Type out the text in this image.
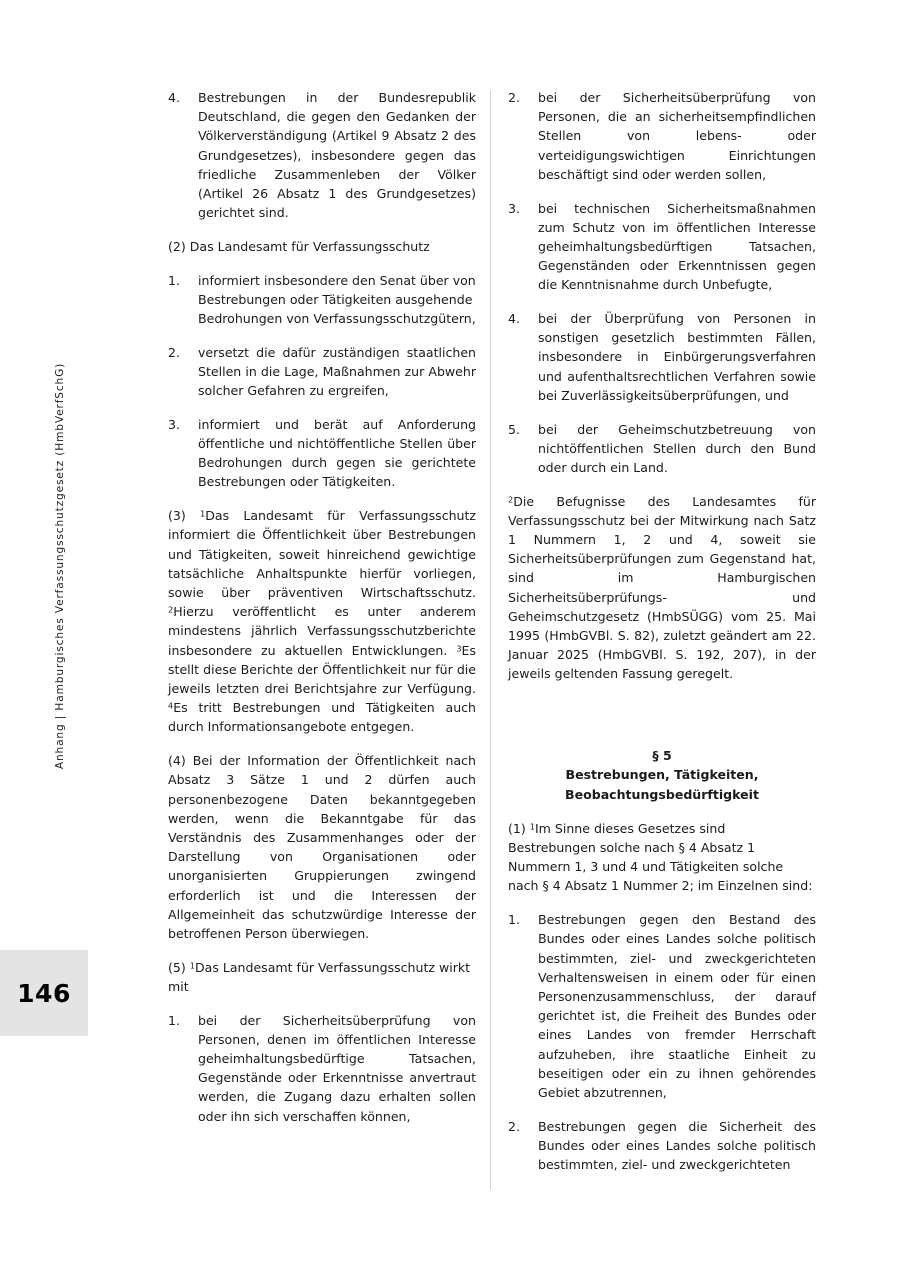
Anhang | Hamburgisches Verfassungsschutzgesetz (HmbVerfSchG)
146
4.	Bestrebungen in der Bundesrepublik Deutschland, die gegen den Gedanken der Völkerverständigung (Artikel 9 Absatz 2 des Grundgesetzes), insbesondere gegen das friedliche Zusammenleben der Völker (Artikel 26 Absatz 1 des Grundgesetzes) gerichtet sind.

(2) Das Landesamt für Verfassungsschutz

1.	informiert insbesondere den Senat über von Bestrebungen oder Tätigkeiten ausgehende Bedrohungen von Verfassungsschutzgütern,
2.	versetzt die dafür zuständigen staatlichen Stellen in die Lage, Maßnahmen zur Abwehr solcher Gefahren zu ergreifen,
3.	informiert und berät auf Anforderung öffentliche und nichtöffentliche Stellen über Bedrohungen durch gegen sie gerichtete Bestrebungen oder Tätigkeiten.

(3) $^1$Das Landesamt für Verfassungsschutz informiert die Öffentlichkeit über Bestrebungen und Tätigkeiten, soweit hinreichend gewichtige tatsächliche Anhaltspunkte hierfür vorliegen, sowie über präventiven Wirtschaftsschutz. $^2$Hierzu veröffentlicht es unter anderem mindestens jährlich Verfassungsschutzberichte insbesondere zu aktuellen Entwicklungen. $^3$Es stellt diese Berichte der Öffentlichkeit nur für die jeweils letzten drei Berichtsjahre zur Verfügung. $^4$Es tritt Bestrebungen und Tätigkeiten auch durch Informationsangebote entgegen.

(4) Bei der Information der Öffentlichkeit nach Absatz 3 Sätze 1 und 2 dürfen auch personenbezogene Daten bekanntgegeben werden, wenn die Bekanntgabe für das Verständnis des Zusammenhanges oder der Darstellung von Organisationen oder unorganisierten Gruppierungen zwingend erforderlich ist und die Interessen der Allgemeinheit das schutzwürdige Interesse der betroffenen Person überwiegen.

(5) $^1$Das Landesamt für Verfassungsschutz wirkt mit

1.	bei der Sicherheitsüberprüfung von Personen, denen im öffentlichen Interesse geheimhaltungsbedürftige Tatsachen, Gegenstände oder Erkenntnisse anvertraut werden, die Zugang dazu erhalten sollen oder ihn sich verschaffen können,
2.	bei der Sicherheitsüberprüfung von Personen, die an sicherheitsempfindlichen Stellen von lebens- oder verteidigungswichtigen Einrichtungen beschäftigt sind oder werden sollen,
3.	bei technischen Sicherheitsmaßnahmen zum Schutz von im öffentlichen Interesse geheimhaltungsbedürftigen Tatsachen, Gegenständen oder Erkenntnissen gegen die Kenntnisnahme durch Unbefugte,
4.	bei der Überprüfung von Personen in sonstigen gesetzlich bestimmten Fällen, insbesondere in Einbürgerungsverfahren und aufenthaltsrechtlichen Verfahren sowie bei Zuverlässigkeitsüberprüfungen, und
5.	bei der Geheimschutzbetreuung von nichtöffentlichen Stellen durch den Bund oder durch ein Land.

$^2$Die Befugnisse des Landesamtes für Verfassungsschutz bei der Mitwirkung nach Satz 1 Nummern 1, 2 und 4, soweit sie Sicherheitsüberprüfungen zum Gegenstand hat, sind im Hamburgischen Sicherheitsüberprüfungs- und Geheimschutzgesetz (HmbSÜGG) vom 25. Mai 1995 (HmbGVBl. S. 82), zuletzt geändert am 22. Januar 2025 (HmbGVBl. S. 192, 207), in der jeweils geltenden Fassung geregelt.

§ 5
Bestrebungen, Tätigkeiten,
Beobachtungsbedürftigkeit

(1) $^1$Im Sinne dieses Gesetzes sind Bestrebungen solche nach § 4 Absatz 1 Nummern 1, 3 und 4 und Tätigkeiten solche nach § 4 Absatz 1 Nummer 2; im Einzelnen sind:

1.	Bestrebungen gegen den Bestand des Bundes oder eines Landes solche politisch bestimmten, ziel- und zweckgerichteten Verhaltensweisen in einem oder für einen Personenzusammenschluss, der darauf gerichtet ist, die Freiheit des Bundes oder eines Landes von fremder Herrschaft aufzuheben, ihre staatliche Einheit zu beseitigen oder ein zu ihnen gehörendes Gebiet abzutrennen,
2.	Bestrebungen gegen die Sicherheit des Bundes oder eines Landes solche politisch bestimmten, ziel- und zweckgerichteten
